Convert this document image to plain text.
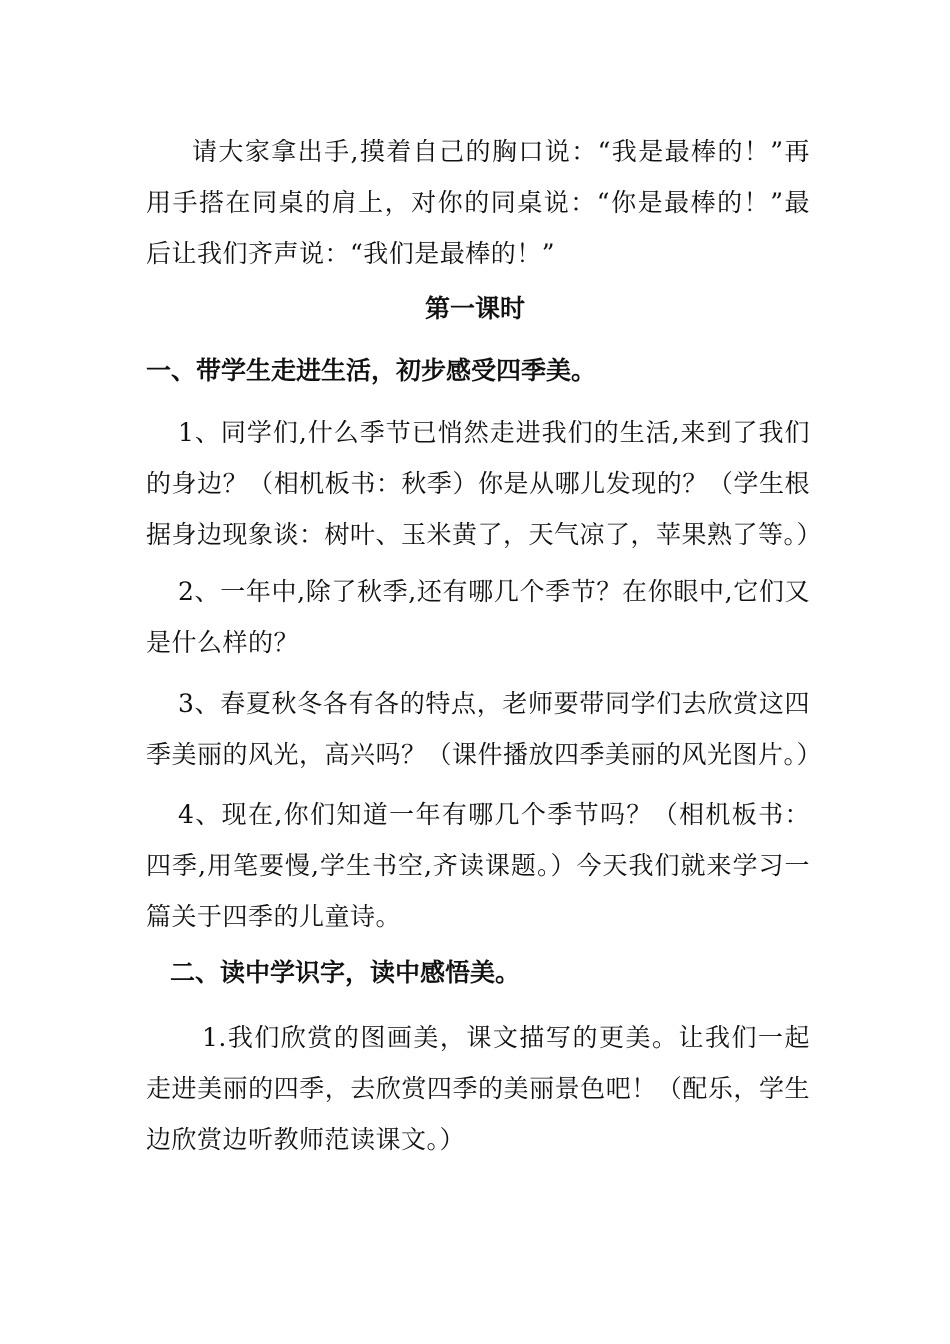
请大家拿出手,摸着自己的胸口说：“我是最棒的！”再用手搭在同桌的肩上，对你的同桌说：“你是最棒的！”最后让我们齐声说：“我们是最棒的！”

第一课时

一、带学生走进生活，初步感受四季美。

1、同学们,什么季节已悄然走进我们的生活,来到了我们的身边？（相机板书：秋季）你是从哪儿发现的？（学生根据身边现象谈：树叶、玉米黄了，天气凉了，苹果熟了等。）

2、一年中,除了秋季,还有哪几个季节？在你眼中,它们又是什么样的？

3、春夏秋冬各有各的特点，老师要带同学们去欣赏这四季美丽的风光，高兴吗？（课件播放四季美丽的风光图片。）

4、现在,你们知道一年有哪几个季节吗？（相机板书：四季,用笔要慢,学生书空,齐读课题。）今天我们就来学习一篇关于四季的儿童诗。

二、读中学识字，读中感悟美。

1.我们欣赏的图画美，课文描写的更美。让我们一起走进美丽的四季，去欣赏四季的美丽景色吧！（配乐，学生边欣赏边听教师范读课文。）
